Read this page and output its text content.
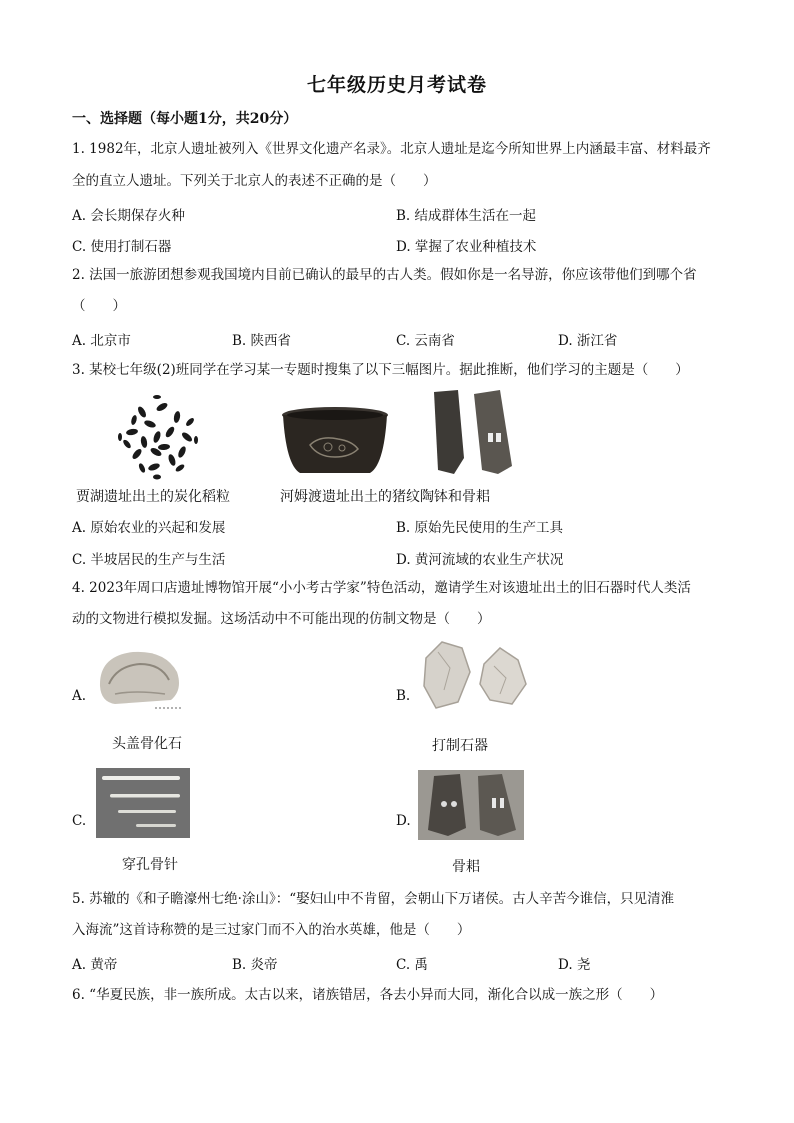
七年级历史月考试卷
一、选择题（每小题1分，共20分）
1. 1982年，北京人遗址被列入《世界文化遗产名录》。北京人遗址是迄今所知世界上内涵最丰富、材料最齐
全的直立人遗址。下列关于北京人的表述不正确的是（　　）
A. 会长期保存火种	B. 结成群体生活在一起
C. 使用打制石器	D. 掌握了农业种植技术
2. 法国一旅游团想参观我国境内目前已确认的最早的古人类。假如你是一名导游，你应该带他们到哪个省
（　　）
A. 北京市	B. 陕西省	C. 云南省	D. 浙江省
3. 某校七年级(2)班同学在学习某一专题时搜集了以下三幅图片。据此推断，他们学习的主题是（　　）
贾湖遗址出土的炭化稻粒	河姆渡遗址出土的猪纹陶钵和骨耜
A. 原始农业的兴起和发展	B. 原始先民使用的生产工具
C. 半坡居民的生产与生活	D. 黄河流域的农业生产状况
4. 2023年周口店遗址博物馆开展“小小考古学家”特色活动，邀请学生对该遗址出土的旧石器时代人类活
动的文物进行模拟发掘。这场活动中不可能出现的仿制文物是（　　）
A.
头盖骨化石
B.
打制石器
C.
穿孔骨针
D.
骨耜
5. 苏辙的《和子瞻濠州七绝·涂山》：“娶妇山中不肯留，会朝山下万诸侯。古人辛苦今谁信，只见清淮
入海流”这首诗称赞的是三过家门而不入的治水英雄，他是（　　）
A. 黄帝	B. 炎帝	C. 禹	D. 尧
6. “华夏民族，非一族所成。太古以来，诸族错居，各去小异而大同，渐化合以成一族之形（　　）
